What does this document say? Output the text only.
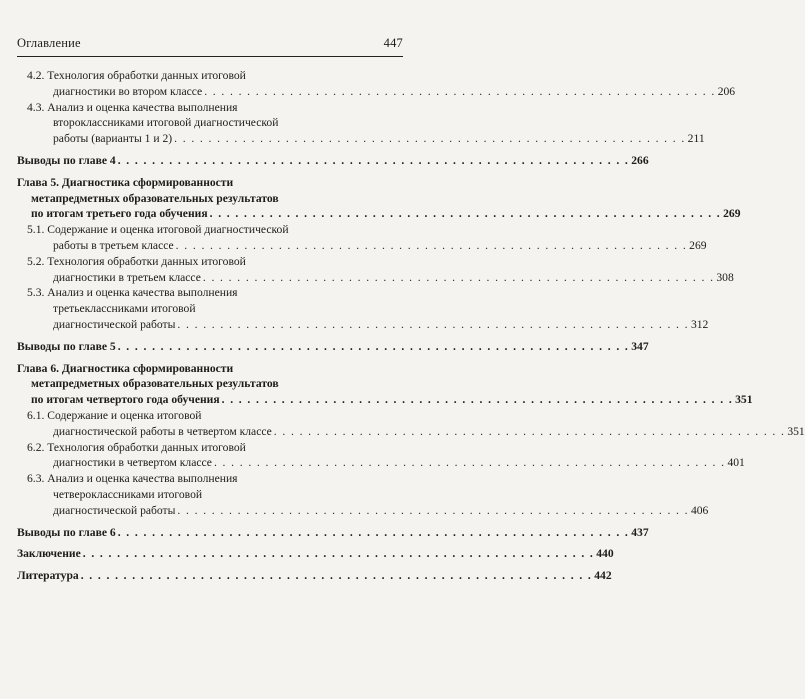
Оглавление	447
4.2. Технология обработки данных итоговой
диагностики во втором классе . . . . . . . . . . . . . . . . . . . . . . . . . . . . . . . . . . . . . . . . . . . . . . . . . . . . . . . . . . . . 206
4.3. Анализ и оценка качества выполнения
второклассниками итоговой диагностической
работы (варианты 1 и 2) . . . . . . . . . . . . . . . . . . . . . . . . . . . . . . . . . . . . . . . . . . . . . . . . . . . . . . . . . . . . 211
Выводы по главе 4 . . . . . . . . . . . . . . . . . . . . . . . . . . . . . . . . . . . . . . . . . . . . . . . . . . . . . . . . . . . . 266
Глава 5. Диагностика сформированности
метапредметных образовательных результатов
по итогам третьего года обучения . . . . . . . . . . . . . . . . . . . . . . . . . . . . . . . . . . . . . . . . . . . . . . . . . . . . . . . . . . . . 269
5.1. Содержание и оценка итоговой диагностической
работы в третьем классе . . . . . . . . . . . . . . . . . . . . . . . . . . . . . . . . . . . . . . . . . . . . . . . . . . . . . . . . . . . . 269
5.2. Технология обработки данных итоговой
диагностики в третьем классе . . . . . . . . . . . . . . . . . . . . . . . . . . . . . . . . . . . . . . . . . . . . . . . . . . . . . . . . . . . . 308
5.3. Анализ и оценка качества выполнения
третьеклассниками итоговой
диагностической работы . . . . . . . . . . . . . . . . . . . . . . . . . . . . . . . . . . . . . . . . . . . . . . . . . . . . . . . . . . . . 312
Выводы по главе 5 . . . . . . . . . . . . . . . . . . . . . . . . . . . . . . . . . . . . . . . . . . . . . . . . . . . . . . . . . . . . 347
Глава 6. Диагностика сформированности
метапредметных образовательных результатов
по итогам четвертого года обучения . . . . . . . . . . . . . . . . . . . . . . . . . . . . . . . . . . . . . . . . . . . . . . . . . . . . . . . . . . . . 351
6.1. Содержание и оценка итоговой
диагностической работы в четвертом классе . . . . . . . . . . . . . . . . . . . . . . . . . . . . . . . . . . . . . . . . . . . . . . . . . . . . . . . . . . . . 351
6.2. Технология обработки данных итоговой
диагностики в четвертом классе . . . . . . . . . . . . . . . . . . . . . . . . . . . . . . . . . . . . . . . . . . . . . . . . . . . . . . . . . . . . 401
6.3. Анализ и оценка качества выполнения
четвероклассниками итоговой
диагностической работы . . . . . . . . . . . . . . . . . . . . . . . . . . . . . . . . . . . . . . . . . . . . . . . . . . . . . . . . . . . . 406
Выводы по главе 6 . . . . . . . . . . . . . . . . . . . . . . . . . . . . . . . . . . . . . . . . . . . . . . . . . . . . . . . . . . . . 437
Заключение . . . . . . . . . . . . . . . . . . . . . . . . . . . . . . . . . . . . . . . . . . . . . . . . . . . . . . . . . . . . 440
Литература . . . . . . . . . . . . . . . . . . . . . . . . . . . . . . . . . . . . . . . . . . . . . . . . . . . . . . . . . . . . 442
